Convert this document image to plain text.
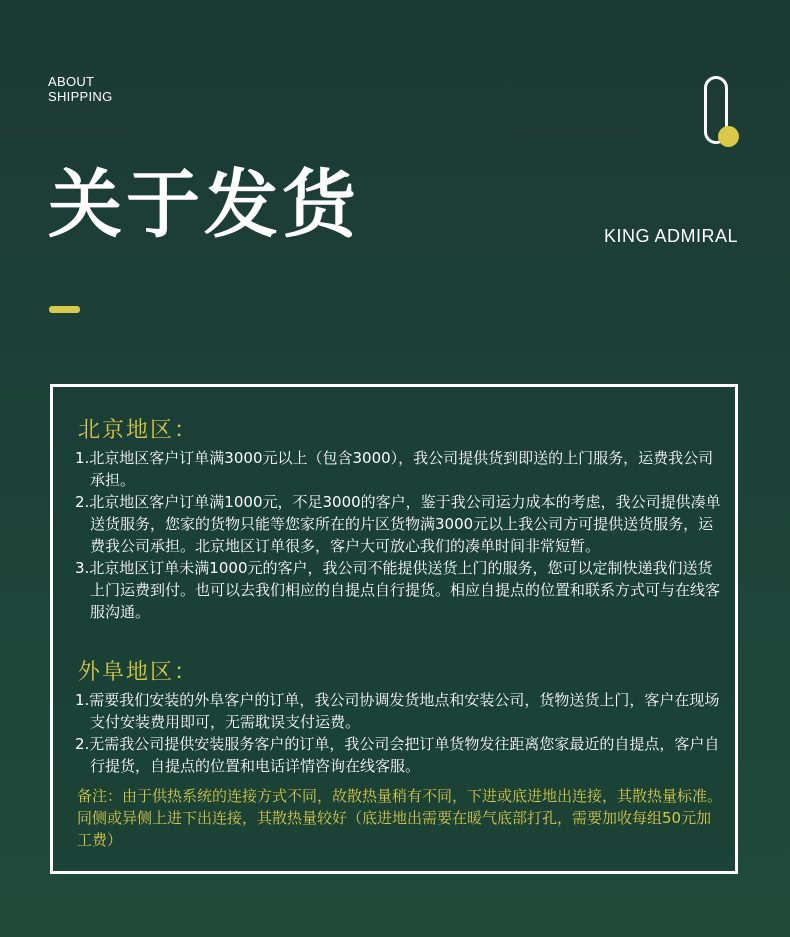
ABOUT
SHIPPING
关于发货	KING ADMIRAL
北京地区：

1.北京地区客户订单满3000元以上（包含3000），我公司提供货到即送的上门服务，运费我公司承担。

2.北京地区客户订单满1000元，不足3000的客户，鉴于我公司运力成本的考虑，我公司提供凑单送货服务，您家的货物只能等您家所在的片区货物满3000元以上我公司方可提供送货服务，运费我公司承担。北京地区订单很多，客户大可放心我们的凑单时间非常短暂。

3.北京地区订单未满1000元的客户，我公司不能提供送货上门的服务，您可以定制快递我们送货上门运费到付。也可以去我们相应的自提点自行提货。相应自提点的位置和联系方式可与在线客服沟通。

外阜地区：

1.需要我们安装的外阜客户的订单，我公司协调发货地点和安装公司，货物送货上门，客户在现场支付安装费用即可，无需耽误支付运费。

2.无需我公司提供安装服务客户的订单，我公司会把订单货物发往距离您家最近的自提点，客户自行提货，自提点的位置和电话详情咨询在线客服。

备注：由于供热系统的连接方式不同，故散热量稍有不同，下进或底进地出连接，其散热量标准。同侧或异侧上进下出连接，其散热量较好（底进地出需要在暖气底部打孔，需要加收每组50元加工费）
